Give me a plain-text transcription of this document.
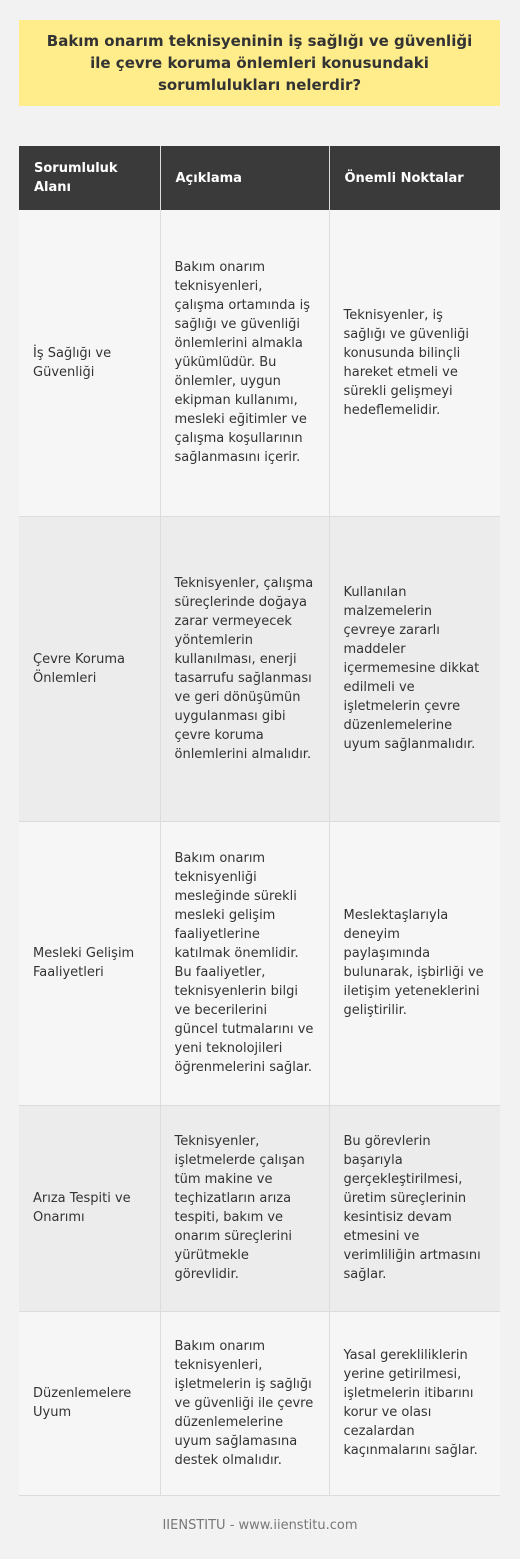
Bakım onarım teknisyeninin iş sağlığı ve güvenliği ile çevre koruma önlemleri konusundaki sorumlulukları nelerdir?
Sorumluluk Alanı	Açıklama	Önemli Noktalar
İş Sağlığı ve Güvenliği	Bakım onarım teknisyenleri, çalışma ortamında iş sağlığı ve güvenliği önlemlerini almakla yükümlüdür. Bu önlemler, uygun ekipman kullanımı, mesleki eğitimler ve çalışma koşullarının sağlanmasını içerir.	Teknisyenler, iş sağlığı ve güvenliği konusunda bilinçli hareket etmeli ve sürekli gelişmeyi hedeflemelidir.
Çevre Koruma Önlemleri	Teknisyenler, çalışma süreçlerinde doğaya zarar vermeyecek yöntemlerin kullanılması, enerji tasarrufu sağlanması ve geri dönüşümün uygulanması gibi çevre koruma önlemlerini almalıdır.	Kullanılan malzemelerin çevreye zararlı maddeler içermemesine dikkat edilmeli ve işletmelerin çevre düzenlemelerine uyum sağlanmalıdır.
Mesleki Gelişim Faaliyetleri	Bakım onarım teknisyenliği mesleğinde sürekli mesleki gelişim faaliyetlerine katılmak önemlidir. Bu faaliyetler, teknisyenlerin bilgi ve becerilerini güncel tutmalarını ve yeni teknolojileri öğrenmelerini sağlar.	Meslektaşlarıyla deneyim paylaşımında bulunarak, işbirliği ve iletişim yeteneklerini geliştirilir.
Arıza Tespiti ve Onarımı	Teknisyenler, işletmelerde çalışan tüm makine ve teçhizatların arıza tespiti, bakım ve onarım süreçlerini yürütmekle görevlidir.	Bu görevlerin başarıyla gerçekleştirilmesi, üretim süreçlerinin kesintisiz devam etmesini ve verimliliğin artmasını sağlar.
Düzenlemelere Uyum	Bakım onarım teknisyenleri, işletmelerin iş sağlığı ve güvenliği ile çevre düzenlemelerine uyum sağlamasına destek olmalıdır.	Yasal gerekliliklerin yerine getirilmesi, işletmelerin itibarını korur ve olası cezalardan kaçınmalarını sağlar.
IIENSTITU - www.iienstitu.com
